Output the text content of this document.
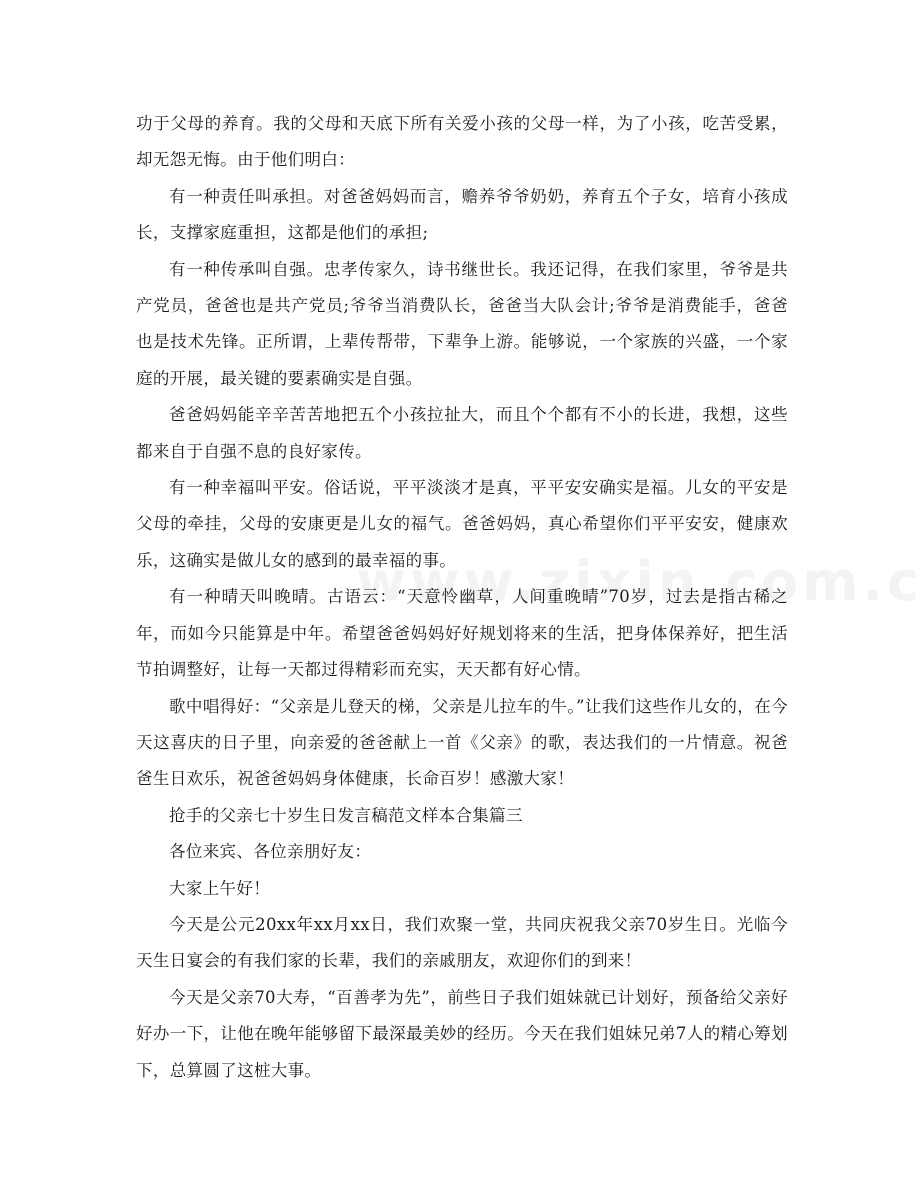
功于父母的养育。我的父母和天底下所有关爱小孩的父母一样，为了小孩，吃苦受累，却无怨无悔。由于他们明白：

有一种责任叫承担。对爸爸妈妈而言，赡养爷爷奶奶，养育五个子女，培育小孩成长，支撑家庭重担，这都是他们的承担;

有一种传承叫自强。忠孝传家久，诗书继世长。我还记得，在我们家里，爷爷是共产党员，爸爸也是共产党员;爷爷当消费队长，爸爸当大队会计;爷爷是消费能手，爸爸也是技术先锋。正所谓，上辈传帮带，下辈争上游。能够说，一个家族的兴盛，一个家庭的开展，最关键的要素确实是自强。

爸爸妈妈能辛辛苦苦地把五个小孩拉扯大，而且个个都有不小的长进，我想，这些都来自于自强不息的良好家传。

有一种幸福叫平安。俗话说，平平淡淡才是真，平平安安确实是福。儿女的平安是父母的牵挂，父母的安康更是儿女的福气。爸爸妈妈，真心希望你们平平安安，健康欢乐，这确实是做儿女的感到的最幸福的事。

有一种晴天叫晚晴。古语云：“天意怜幽草，人间重晚晴”70岁，过去是指古稀之年，而如今只能算是中年。希望爸爸妈妈好好规划将来的生活，把身体保养好，把生活节拍调整好，让每一天都过得精彩而充实，天天都有好心情。

歌中唱得好：“父亲是儿登天的梯，父亲是儿拉车的牛。”让我们这些作儿女的，在今天这喜庆的日子里，向亲爱的爸爸献上一首《父亲》的歌，表达我们的一片情意。祝爸爸生日欢乐，祝爸爸妈妈身体健康，长命百岁！感激大家！

抢手的父亲七十岁生日发言稿范文样本合集篇三

各位来宾、各位亲朋好友：

大家上午好！

今天是公元20xx年xx月xx日，我们欢聚一堂，共同庆祝我父亲70岁生日。光临今天生日宴会的有我们家的长辈，我们的亲戚朋友，欢迎你们的到来！

今天是父亲70大寿，“百善孝为先”，前些日子我们姐妹就已计划好，预备给父亲好好办一下，让他在晚年能够留下最深最美妙的经历。今天在我们姐妹兄弟7人的精心筹划下，总算圆了这桩大事。
